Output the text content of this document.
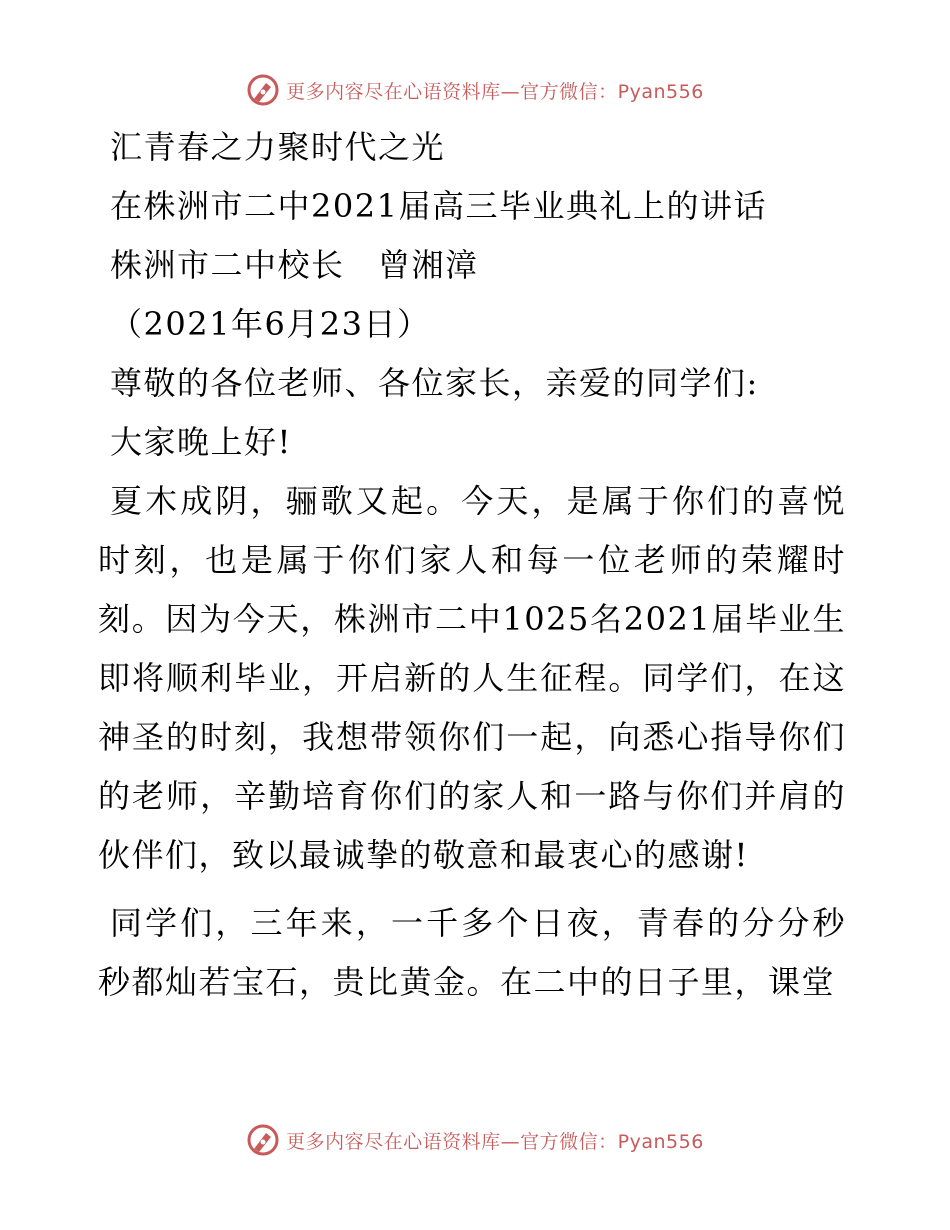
更多内容尽在心语资料库—官方微信：Pyan556

汇青春之力聚时代之光

在株洲市二中2021届高三毕业典礼上的讲话

株洲市二中校长　曾湘漳

（2021年6月23日）

尊敬的各位老师、各位家长，亲爱的同学们:

大家晚上好!

夏木成阴，骊歌又起。今天，是属于你们的喜悦时刻，也是属于你们家人和每一位老师的荣耀时刻。因为今天，株洲市二中1025名2021届毕业生即将顺利毕业，开启新的人生征程。同学们，在这神圣的时刻，我想带领你们一起，向悉心指导你们的老师，辛勤培育你们的家人和一路与你们并肩的伙伴们，致以最诚挚的敬意和最衷心的感谢!

同学们，三年来，一千多个日夜，青春的分分秒秒都灿若宝石，贵比黄金。在二中的日子里，课堂

更多内容尽在心语资料库—官方微信：Pyan556
